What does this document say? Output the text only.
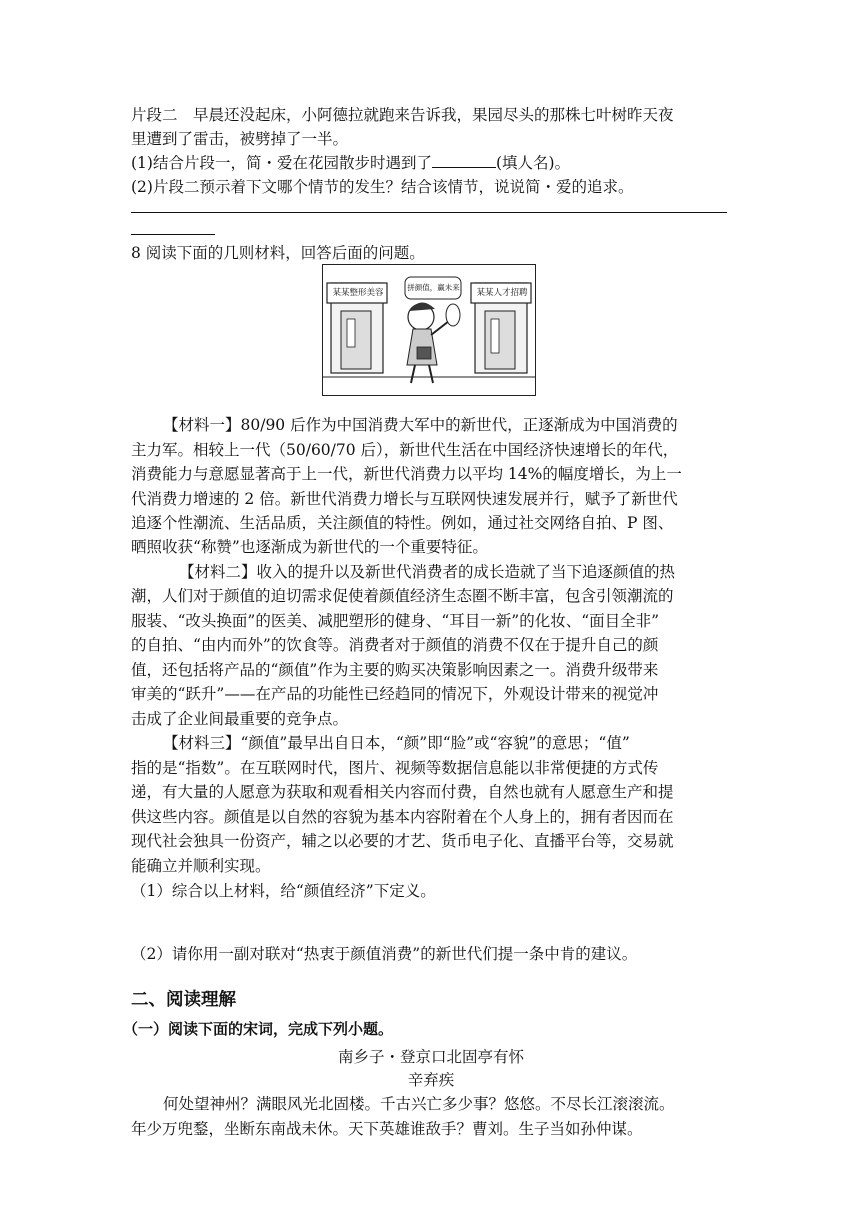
片段二　早晨还没起床，小阿德拉就跑来告诉我，果园尽头的那株七叶树昨天夜
里遭到了雷击，被劈掉了一半。
(1)结合片段一，简・爱在花园散步时遇到了	(填人名)。
(2)片段二预示着下文哪个情节的发生？结合该情节，说说简・爱的追求。
8 阅读下面的几则材料，回答后面的问题。
某某整形美容	某某人才招聘
拼颜值，赢未来
【材料一】80/90 后作为中国消费大军中的新世代，正逐渐成为中国消费的
主力军。相较上一代（50/60/70 后），新世代生活在中国经济快速增长的年代，
消费能力与意愿显著高于上一代，新世代消费力以平均 14%的幅度增长，为上一
代消费力增速的 2 倍。新世代消费力增长与互联网快速发展并行，赋予了新世代
追逐个性潮流、生活品质，关注颜值的特性。例如，通过社交网络自拍、P 图、
晒照收获“称赞”也逐渐成为新世代的一个重要特征。
【材料二】收入的提升以及新世代消费者的成长造就了当下追逐颜值的热
潮，人们对于颜值的迫切需求促使着颜值经济生态圈不断丰富，包含引领潮流的
服装、“改头换面”的医美、减肥塑形的健身、“耳目一新”的化妆、“面目全非”
的自拍、“由内而外”的饮食等。消费者对于颜值的消费不仅在于提升自己的颜
值，还包括将产品的“颜值”作为主要的购买决策影响因素之一。消费升级带来
审美的“跃升”——在产品的功能性已经趋同的情况下，外观设计带来的视觉冲
击成了企业间最重要的竞争点。
【材料三】“颜值”最早出自日本，“颜”即“脸”或“容貌”的意思；“值”
指的是“指数”。在互联网时代，图片、视频等数据信息能以非常便捷的方式传
递，有大量的人愿意为获取和观看相关内容而付费，自然也就有人愿意生产和提
供这些内容。颜值是以自然的容貌为基本内容附着在个人身上的，拥有者因而在
现代社会独具一份资产，辅之以必要的才艺、货币电子化、直播平台等，交易就
能确立并顺利实现。
（1）综合以上材料，给“颜值经济”下定义。
（2）请你用一副对联对“热衷于颜值消费”的新世代们提一条中肯的建议。
二、阅读理解
（一）阅读下面的宋词，完成下列小题。
南乡子・登京口北固亭有怀
辛弃疾
何处望神州？满眼风光北固楼。千古兴亡多少事？悠悠。不尽长江滚滚流。
年少万兜鍪，坐断东南战未休。天下英雄谁敌手？曹刘。生子当如孙仲谋。
